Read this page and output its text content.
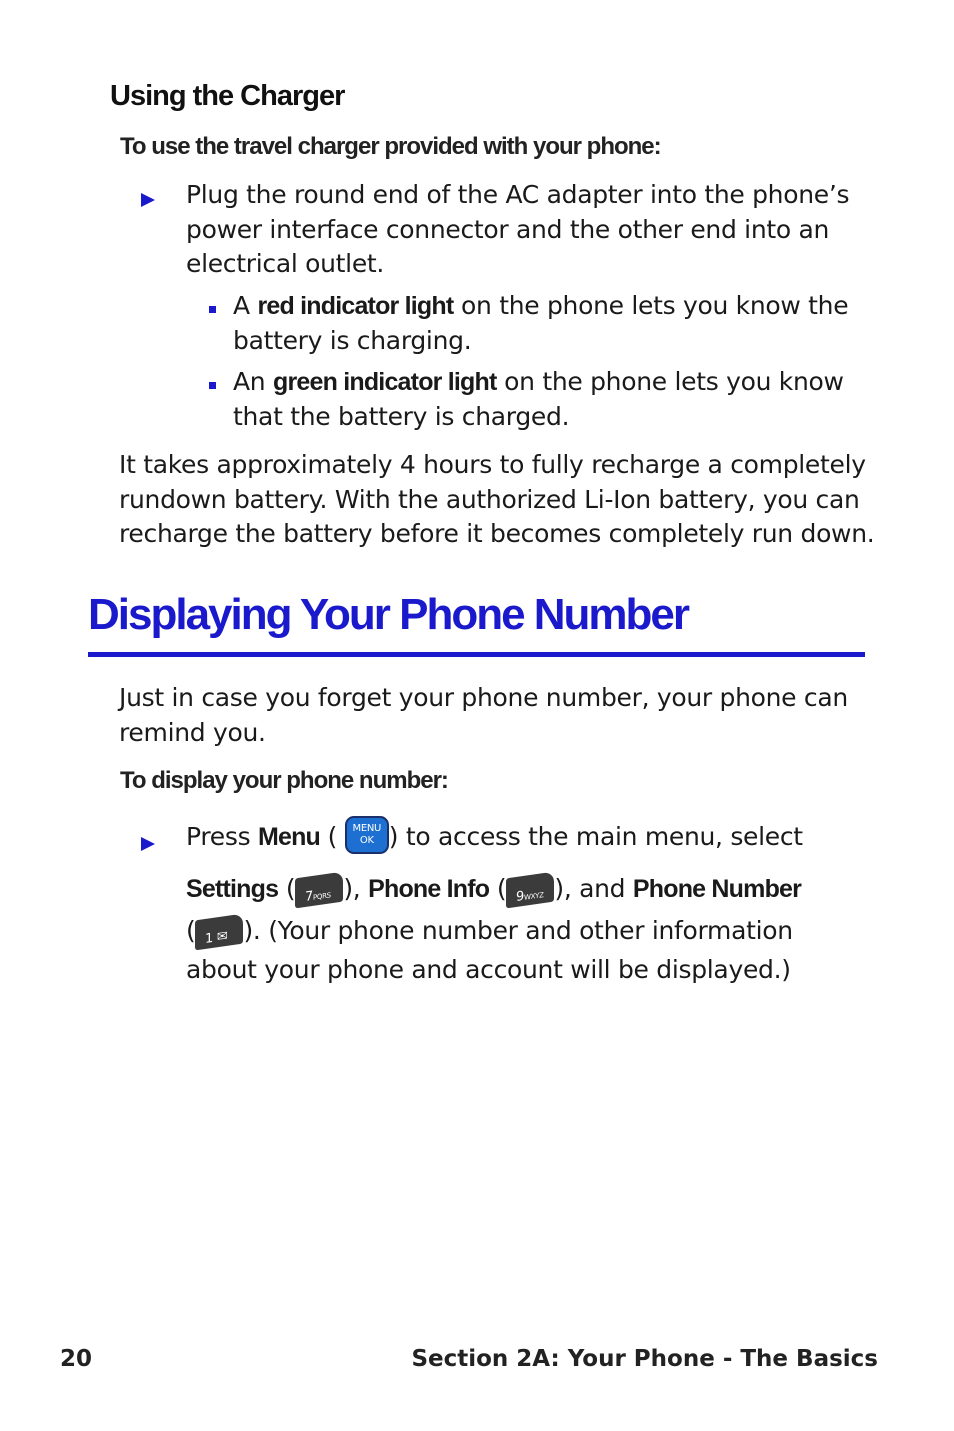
Using the Charger
To use the travel charger provided with your phone:
Plug the round end of the AC adapter into the phone’s
power interface connector and the other end into an
electrical outlet.
A red indicator light on the phone lets you know the
battery is charging.
An green indicator light on the phone lets you know
that the battery is charged.
It takes approximately 4 hours to fully recharge a completely
rundown battery. With the authorized Li-Ion battery, you can
recharge the battery before it becomes completely run down.
Displaying Your Phone Number
Just in case you forget your phone number, your phone can
remind you.
To display your phone number:
Press Menu ( MENU
OK ) to access the main menu, select
Settings ( 7PQRS ), Phone Info ( 9WXYZ ), and Phone Number
( 1 ✉ ). (Your phone number and other information
about your phone and account will be displayed.)
20	Section 2A: Your Phone - The Basics
